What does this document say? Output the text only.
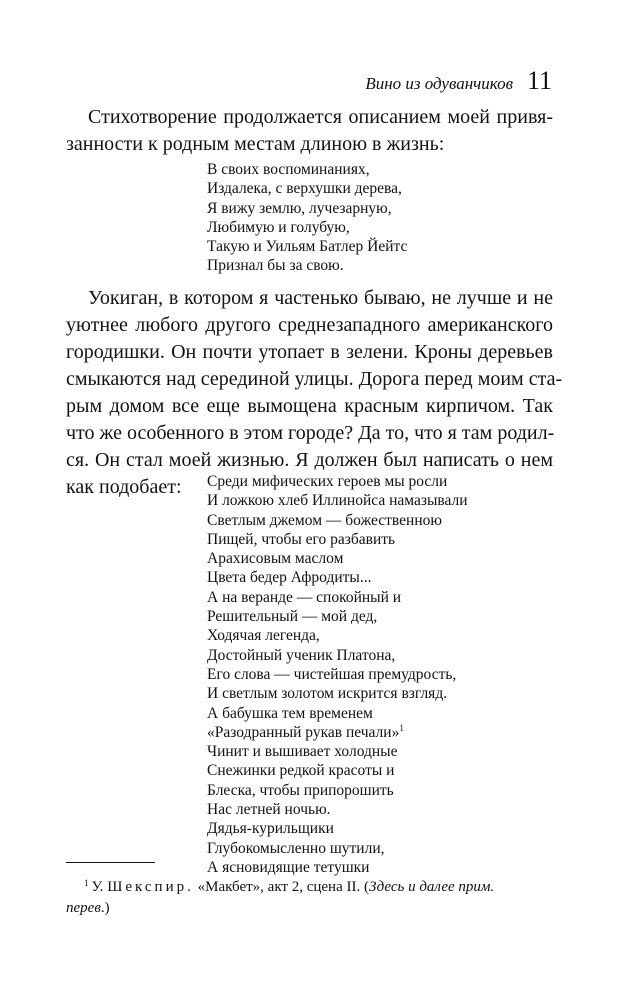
Вино из одуванчиков 11
Стихотворение продолжается описанием моей привя-
занности к родным местам длиною в жизнь:
В своих воспоминаниях,
Издалека, с верхушки дерева,
Я вижу землю, лучезарную,
Любимую и голубую,
Такую и Уильям Батлер Йейтс
Признал бы за свою.
Уокиган, в котором я частенько бываю, не лучше и не
уютнее любого другого среднезападного американского
городишки. Он почти утопает в зелени. Кроны деревьев
смыкаются над серединой улицы. Дорога перед моим ста-
рым домом все еще вымощена красным кирпичом. Так
что же особенного в этом городе? Да то, что я там родил-
ся. Он стал моей жизнью. Я должен был написать о нем
как подобает:	Среди мифических героев мы росли
И ложкою хлеб Иллинойса намазывали
Светлым джемом — божественною
Пищей, чтобы его разбавить
Арахисовым маслом
Цвета бедер Афродиты...
А на веранде — спокойный и
Решительный — мой дед,
Ходячая легенда,
Достойный ученик Платона,
Его слова — чистейшая премудрость,
И светлым золотом искрится взгляд.
А бабушка тем временем
«Разодранный рукав печали»$^1$
Чинит и вышивает холодные
Снежинки редкой красоты и
Блеска, чтобы припорошить
Нас летней ночью.
Дядья-курильщики
Глубокомысленно шутили,
А ясновидящие тетушки

$^1$ У. Шекспир. «Макбет», акт 2, сцена II. (Здесь и далее прим.
перев.)
